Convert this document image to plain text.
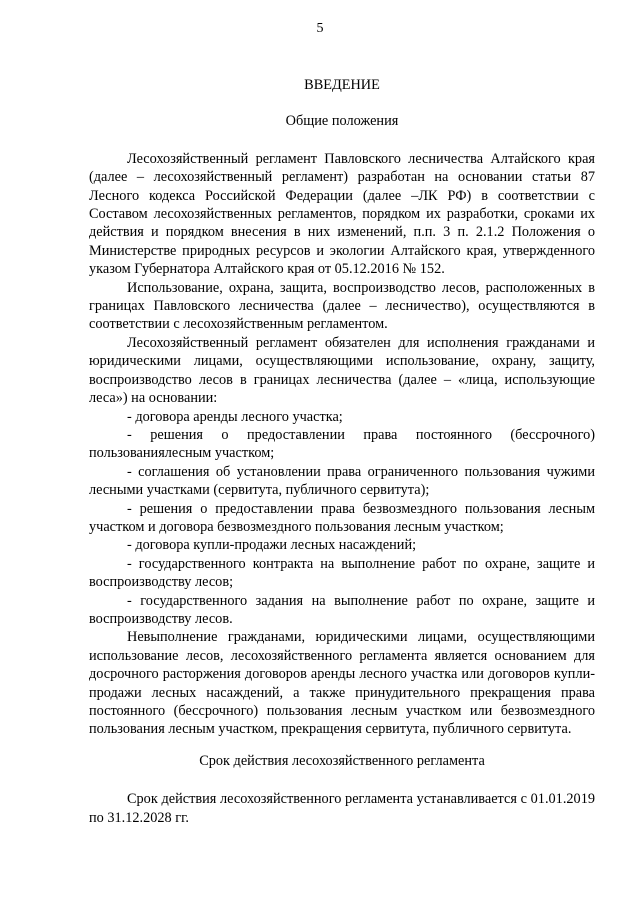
5

ВВЕДЕНИЕ

Общие положения

Лесохозяйственный регламент Павловского лесничества Алтайского края (далее – лесохозяйственный регламент) разработан на основании статьи 87 Лесного кодекса Российской Федерации (далее –ЛК РФ) в соответствии с Составом лесохозяйственных регламентов, порядком их разработки, сроками их действия и порядком внесения в них изменений, п.п. 3 п. 2.1.2 Положения о Министерстве природных ресурсов и экологии Алтайского края, утвержденного указом Губернатора Алтайского края от 05.12.2016 № 152.

Использование, охрана, защита, воспроизводство лесов, расположенных в границах Павловского лесничества (далее – лесничество), осуществляются в соответствии с лесохозяйственным регламентом.

Лесохозяйственный регламент обязателен для исполнения гражданами и юридическими лицами, осуществляющими использование, охрану, защиту, воспроизводство лесов в границах лесничества (далее – «лица, использующие леса») на основании:

- договора аренды лесного участка;

- решения о предоставлении права постоянного (бессрочного) пользованиялесным участком;

- соглашения об установлении права ограниченного пользования чужими лесными участками (сервитута, публичного сервитута);

- решения о предоставлении права безвозмездного пользования лесным участком и договора безвозмездного пользования лесным участком;

- договора купли-продажи лесных насаждений;

- государственного контракта на выполнение работ по охране, защите и воспроизводству лесов;

- государственного задания на выполнение работ по охране, защите и воспроизводству лесов.

Невыполнение гражданами, юридическими лицами, осуществляющими использование лесов, лесохозяйственного регламента является основанием для досрочного расторжения договоров аренды лесного участка или договоров купли-продажи лесных насаждений, а также принудительного прекращения права постоянного (бессрочного) пользования лесным участком или безвозмездного пользования лесным участком, прекращения сервитута, публичного сервитута.

Срок действия лесохозяйственного регламента

Срок действия лесохозяйственного регламента устанавливается с 01.01.2019 по 31.12.2028 гг.
